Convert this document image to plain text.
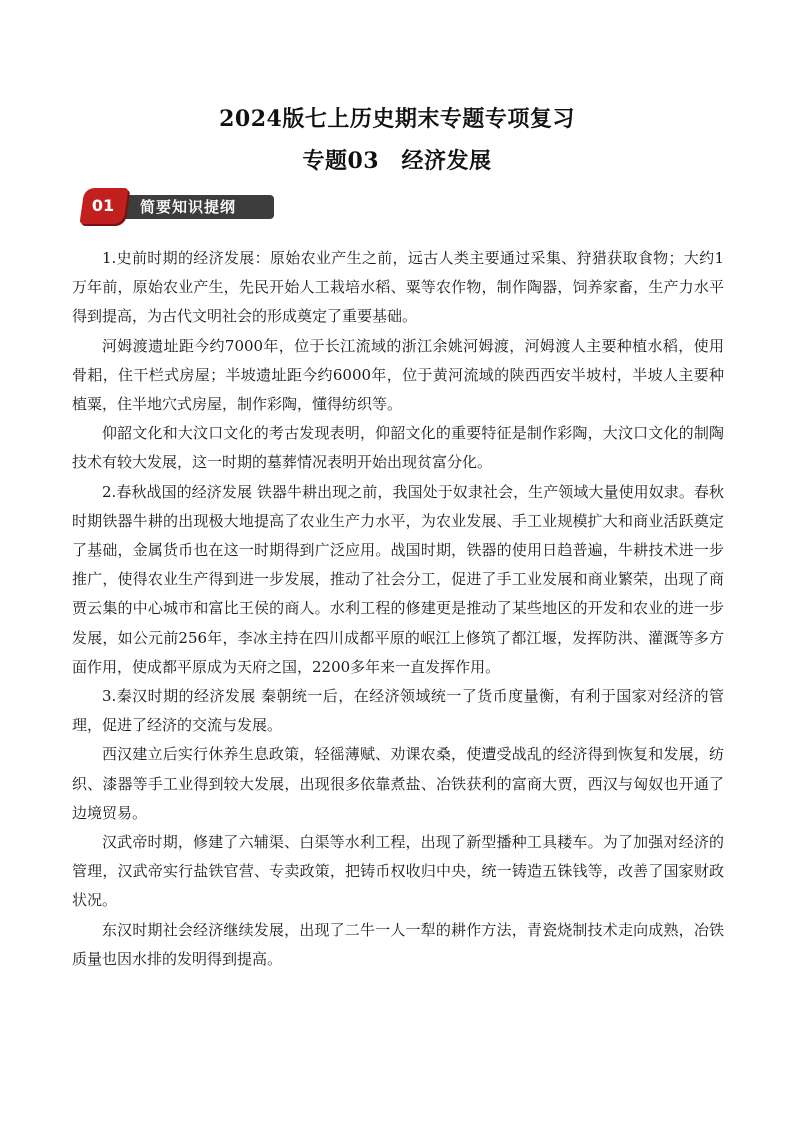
2024版七上历史期末专题专项复习
专题03　经济发展
01	简要知识提纲

1.史前时期的经济发展：原始农业产生之前，远古人类主要通过采集、狩猎获取食物；大约1万年前，原始农业产生，先民开始人工栽培水稻、粟等农作物，制作陶器，饲养家畜，生产力水平得到提高，为古代文明社会的形成奠定了重要基础。

河姆渡遗址距今约7000年，位于长江流域的浙江余姚河姆渡，河姆渡人主要种植水稻，使用骨耜，住干栏式房屋；半坡遗址距今约6000年，位于黄河流域的陕西西安半坡村，半坡人主要种植粟，住半地穴式房屋，制作彩陶，懂得纺织等。

仰韶文化和大汶口文化的考古发现表明，仰韶文化的重要特征是制作彩陶，大汶口文化的制陶技术有较大发展，这一时期的墓葬情况表明开始出现贫富分化。

2.春秋战国的经济发展 铁器牛耕出现之前，我国处于奴隶社会，生产领域大量使用奴隶。春秋时期铁器牛耕的出现极大地提高了农业生产力水平，为农业发展、手工业规模扩大和商业活跃奠定了基础，金属货币也在这一时期得到广泛应用。战国时期，铁器的使用日趋普遍，牛耕技术进一步推广，使得农业生产得到进一步发展，推动了社会分工，促进了手工业发展和商业繁荣，出现了商贾云集的中心城市和富比王侯的商人。水利工程的修建更是推动了某些地区的开发和农业的进一步发展，如公元前256年，李冰主持在四川成都平原的岷江上修筑了都江堰，发挥防洪、灌溉等多方面作用，使成都平原成为天府之国，2200多年来一直发挥作用。

3.秦汉时期的经济发展 秦朝统一后，在经济领域统一了货币度量衡，有利于国家对经济的管理，促进了经济的交流与发展。

西汉建立后实行休养生息政策，轻徭薄赋、劝课农桑，使遭受战乱的经济得到恢复和发展，纺织、漆器等手工业得到较大发展，出现很多依靠煮盐、冶铁获利的富商大贾，西汉与匈奴也开通了边境贸易。

汉武帝时期，修建了六辅渠、白渠等水利工程，出现了新型播种工具耧车。为了加强对经济的管理，汉武帝实行盐铁官营、专卖政策，把铸币权收归中央，统一铸造五铢钱等，改善了国家财政状况。

东汉时期社会经济继续发展，出现了二牛一人一犁的耕作方法，青瓷烧制技术走向成熟，冶铁质量也因水排的发明得到提高。
